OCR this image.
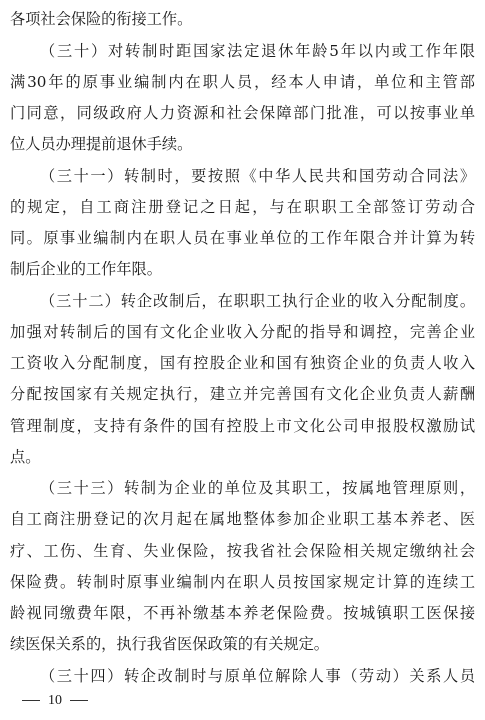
各项社会保险的衔接工作。
（三十）对转制时距国家法定退休年龄5年以内或工作年限
满30年的原事业编制内在职人员，经本人申请，单位和主管部
门同意，同级政府人力资源和社会保障部门批准，可以按事业单
位人员办理提前退休手续。
（三十一）转制时，要按照《中华人民共和国劳动合同法》
的规定，自工商注册登记之日起，与在职职工全部签订劳动合
同。原事业编制内在职人员在事业单位的工作年限合并计算为转
制后企业的工作年限。
（三十二）转企改制后，在职职工执行企业的收入分配制度。
加强对转制后的国有文化企业收入分配的指导和调控，完善企业
工资收入分配制度，国有控股企业和国有独资企业的负责人收入
分配按国家有关规定执行，建立并完善国有文化企业负责人薪酬
管理制度，支持有条件的国有控股上市文化公司申报股权激励试
点。
（三十三）转制为企业的单位及其职工，按属地管理原则，
自工商注册登记的次月起在属地整体参加企业职工基本养老、医
疗、工伤、生育、失业保险，按我省社会保险相关规定缴纳社会
保险费。转制时原事业编制内在职人员按国家规定计算的连续工
龄视同缴费年限，不再补缴基本养老保险费。按城镇职工医保接
续医保关系的，执行我省医保政策的有关规定。
（三十四）转企改制时与原单位解除人事（劳动）关系人员
10
